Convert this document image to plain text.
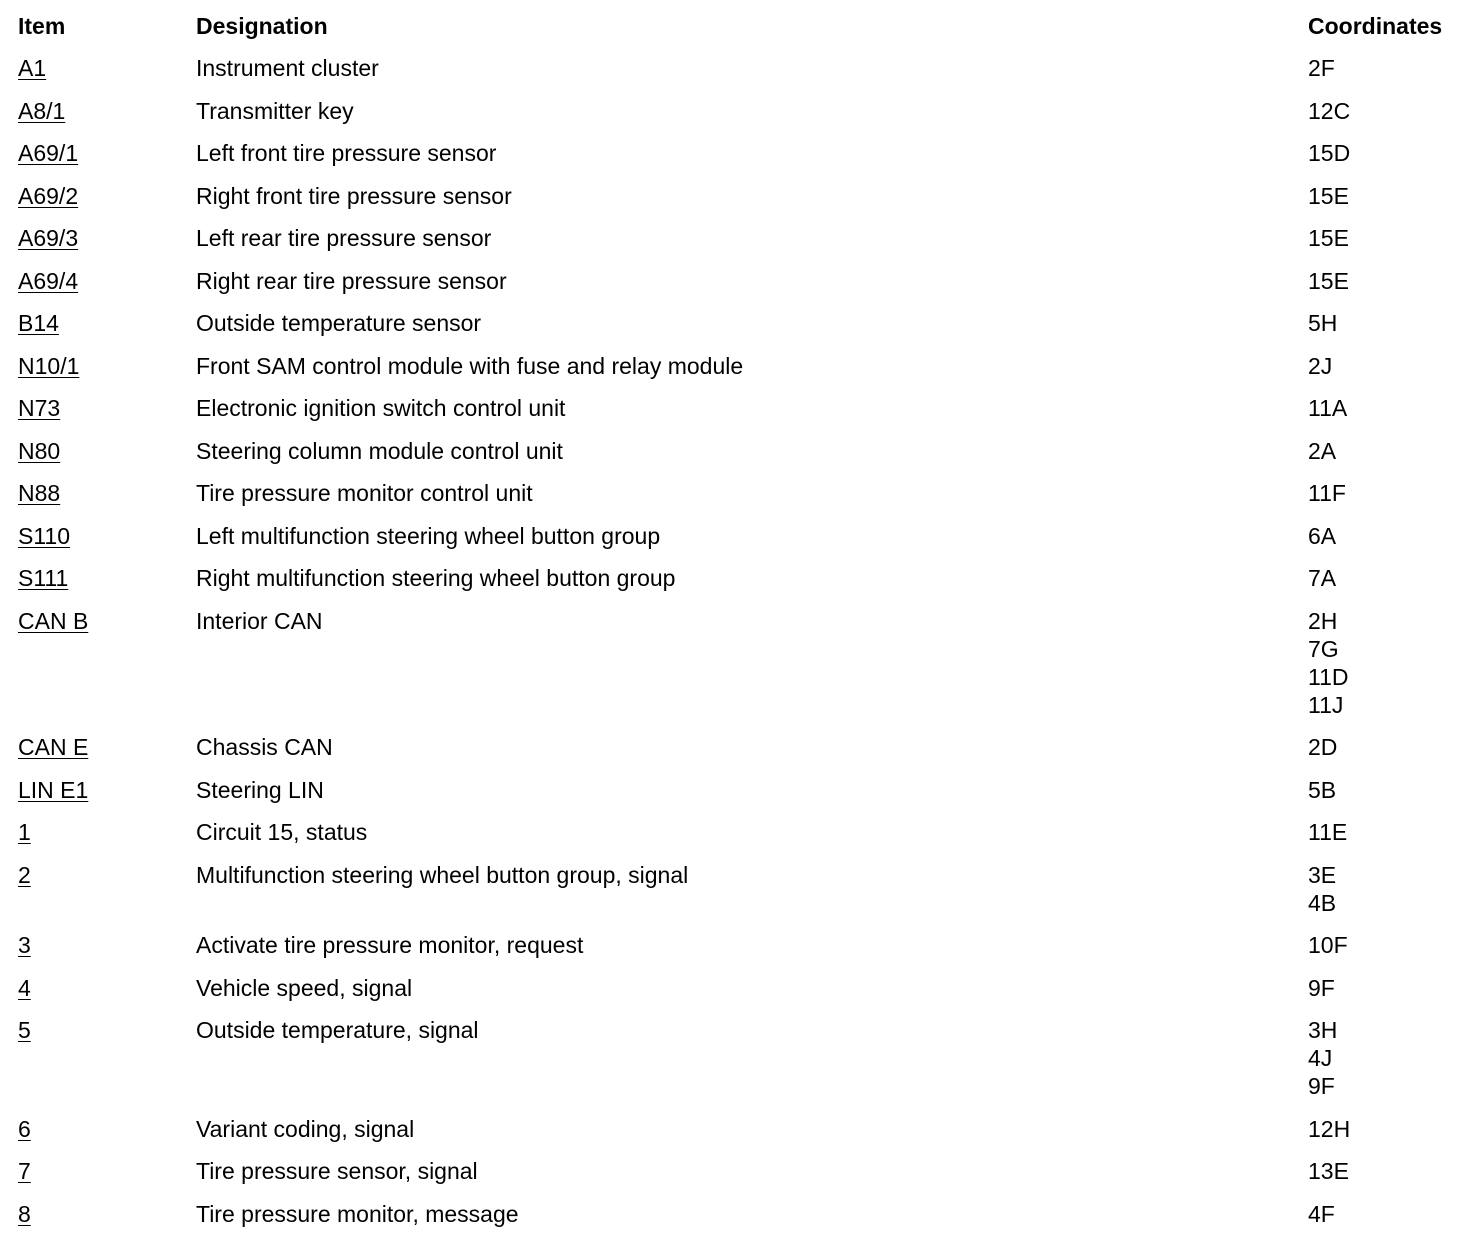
Item	Designation	Coordinates
A1	Instrument cluster	2F
A8/1	Transmitter key	12C
A69/1	Left front tire pressure sensor	15D
A69/2	Right front tire pressure sensor	15E
A69/3	Left rear tire pressure sensor	15E
A69/4	Right rear tire pressure sensor	15E
B14	Outside temperature sensor	5H
N10/1	Front SAM control module with fuse and relay module	2J
N73	Electronic ignition switch control unit	11A
N80	Steering column module control unit	2A
N88	Tire pressure monitor control unit	11F
S110	Left multifunction steering wheel button group	6A
S111	Right multifunction steering wheel button group	7A
CAN B	Interior CAN	2H
7G
11D
11J
CAN E	Chassis CAN	2D
LIN E1	Steering LIN	5B
1	Circuit 15, status	11E
2	Multifunction steering wheel button group, signal	3E
4B
3	Activate tire pressure monitor, request	10F
4	Vehicle speed, signal	9F
5	Outside temperature, signal	3H
4J
9F
6	Variant coding, signal	12H
7	Tire pressure sensor, signal	13E
8	Tire pressure monitor, message	4F
